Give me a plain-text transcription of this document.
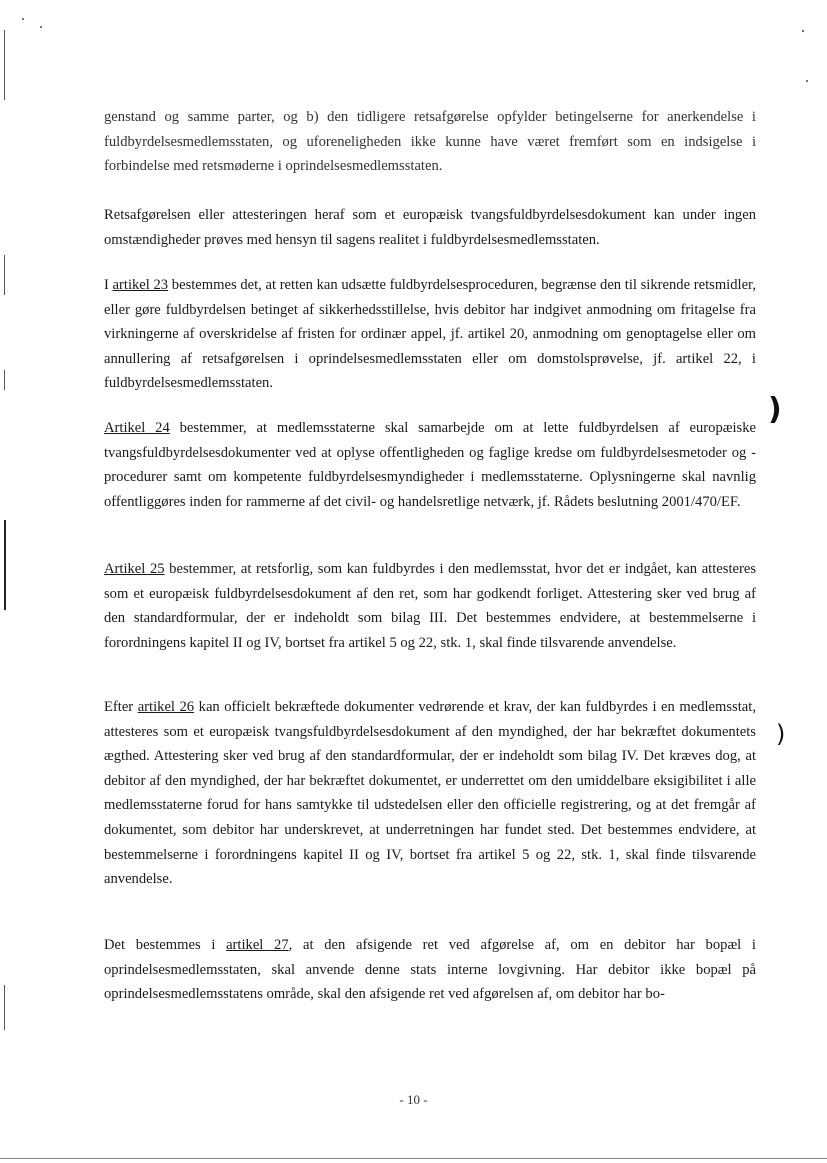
genstand og samme parter, og b) den tidligere retsafgørelse opfylder betingelserne for anerkendelse i fuldbyrdelsesmedlemsstaten, og uforeneligheden ikke kunne have været fremført som en indsigelse i forbindelse med retsmøderne i oprindelsesmedlemsstaten.

Retsafgørelsen eller attesteringen heraf som et europæisk tvangsfuldbyrdelsesdokument kan under ingen omstændigheder prøves med hensyn til sagens realitet i fuldbyrdelsesmedlemsstaten.

I artikel 23 bestemmes det, at retten kan udsætte fuldbyrdelsesproceduren, begrænse den til sikrende retsmidler, eller gøre fuldbyrdelsen betinget af sikkerhedsstillelse, hvis debitor har indgivet anmodning om fritagelse fra virkningerne af overskridelse af fristen for ordinær appel, jf. artikel 20, anmodning om genoptagelse eller om annullering af retsafgørelsen i oprindelsesmedlemsstaten eller om domstolsprøvelse, jf. artikel 22, i fuldbyrdelsesmedlemsstaten.

Artikel 24 bestemmer, at medlemsstaterne skal samarbejde om at lette fuldbyrdelsen af europæiske tvangsfuldbyrdelsesdokumenter ved at oplyse offentligheden og faglige kredse om fuldbyrdelsesmetoder og -procedurer samt om kompetente fuldbyrdelsesmyndigheder i medlemsstaterne. Oplysningerne skal navnlig offentliggøres inden for rammerne af det civil- og handelsretlige netværk, jf. Rådets beslutning 2001/470/EF.

Artikel 25 bestemmer, at retsforlig, som kan fuldbyrdes i den medlemsstat, hvor det er indgået, kan attesteres som et europæisk fuldbyrdelsesdokument af den ret, som har godkendt forliget. Attestering sker ved brug af den standardformular, der er indeholdt som bilag III. Det bestemmes endvidere, at bestemmelserne i forordningens kapitel II og IV, bortset fra artikel 5 og 22, stk. 1, skal finde tilsvarende anvendelse.

Efter artikel 26 kan officielt bekræftede dokumenter vedrørende et krav, der kan fuldbyrdes i en medlemsstat, attesteres som et europæisk tvangsfuldbyrdelsesdokument af den myndighed, der har bekræftet dokumentets ægthed. Attestering sker ved brug af den standardformular, der er indeholdt som bilag IV. Det kræves dog, at debitor af den myndighed, der har bekræftet dokumentet, er underrettet om den umiddelbare eksigibilitet i alle medlemsstaterne forud for hans samtykke til udstedelsen eller den officielle registrering, og at det fremgår af dokumentet, som debitor har underskrevet, at underretningen har fundet sted. Det bestemmes endvidere, at bestemmelserne i forordningens kapitel II og IV, bortset fra artikel 5 og 22, stk. 1, skal finde tilsvarende anvendelse.

Det bestemmes i artikel 27, at den afsigende ret ved afgørelse af, om en debitor har bopæl i oprindelsesmedlemsstaten, skal anvende denne stats interne lovgivning. Har debitor ikke bopæl på oprindelsesmedlemsstatens område, skal den afsigende ret ved afgørelsen af, om debitor har bo-

)
)
- 10 -
